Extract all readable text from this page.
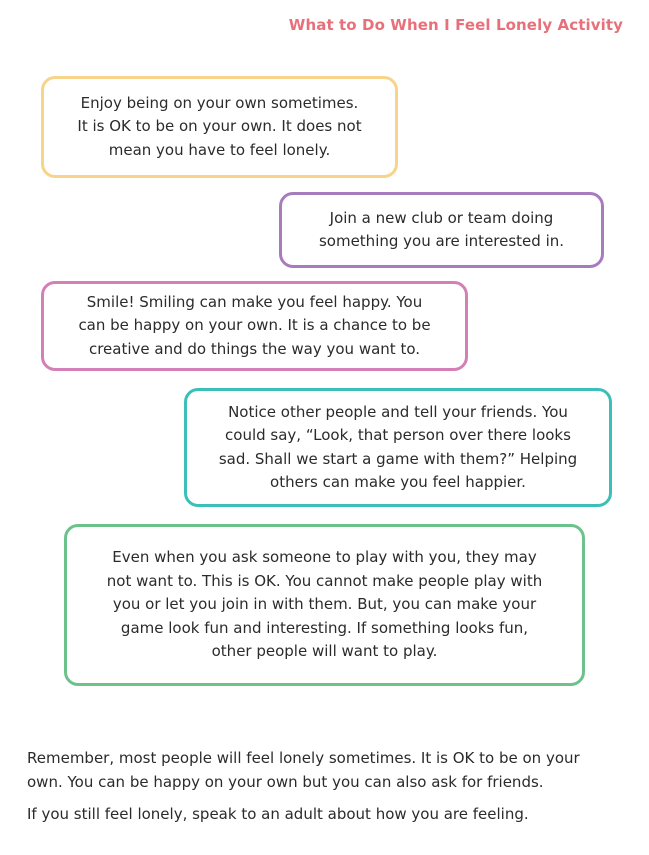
What to Do When I Feel Lonely Activity

Enjoy being on your own sometimes.
It is OK to be on your own. It does not
mean you have to feel lonely.

Join a new club or team doing
something you are interested in.

Smile! Smiling can make you feel happy. You
can be happy on your own. It is a chance to be
creative and do things the way you want to.

Notice other people and tell your friends. You
could say, “Look, that person over there looks
sad. Shall we start a game with them?” Helping
others can make you feel happier.

Even when you ask someone to play with you, they may
not want to. This is OK. You cannot make people play with
you or let you join in with them. But, you can make your
game look fun and interesting. If something looks fun,
other people will want to play.

Remember, most people will feel lonely sometimes. It is OK to be on your
own. You can be happy on your own but you can also ask for friends.

If you still feel lonely, speak to an adult about how you are feeling.
